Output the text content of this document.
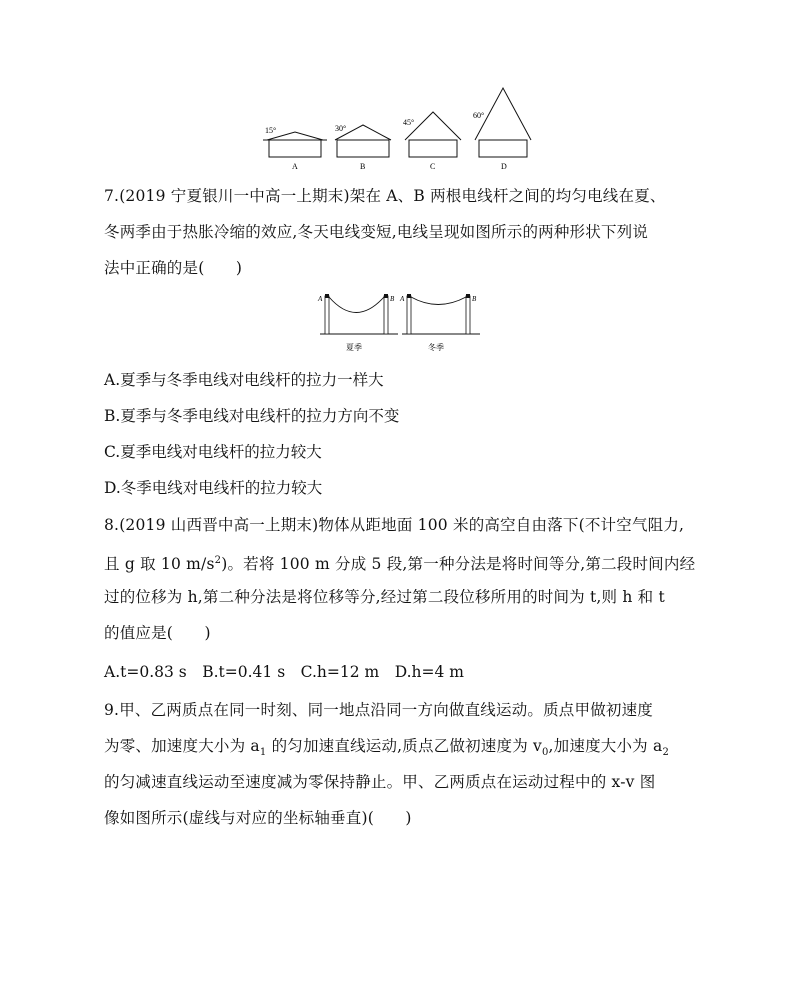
15°
A
30°
B
45°
C
60°
D
7.(2019 宁夏银川一中高一上期末)架在 A、B 两根电线杆之间的均匀电线在夏、
冬两季由于热胀冷缩的效应,冬天电线变短,电线呈现如图所示的两种形状下列说
法中正确的是(　　)
A	B
夏季
A	B
冬季
A.夏季与冬季电线对电线杆的拉力一样大
B.夏季与冬季电线对电线杆的拉力方向不变
C.夏季电线对电线杆的拉力较大
D.冬季电线对电线杆的拉力较大
8.(2019 山西晋中高一上期末)物体从距地面 100 米的高空自由落下(不计空气阻力,
且 g 取 10 $m/s^2$)。若将 100 m 分成 5 段,第一种分法是将时间等分,第二段时间内经
过的位移为 h,第二种分法是将位移等分,经过第二段位移所用的时间为 t,则 h 和 t
的值应是(　　)
A.t=0.83 s　B.t=0.41 s　C.h=12 m　D.h=4 m
9.甲、乙两质点在同一时刻、同一地点沿同一方向做直线运动。质点甲做初速度
为零、加速度大小为 $a_1$ 的匀加速直线运动,质点乙做初速度为 $v_0$,加速度大小为 $a_2$
的匀减速直线运动至速度减为零保持静止。甲、乙两质点在运动过程中的 x-v 图
像如图所示(虚线与对应的坐标轴垂直)(　　)
